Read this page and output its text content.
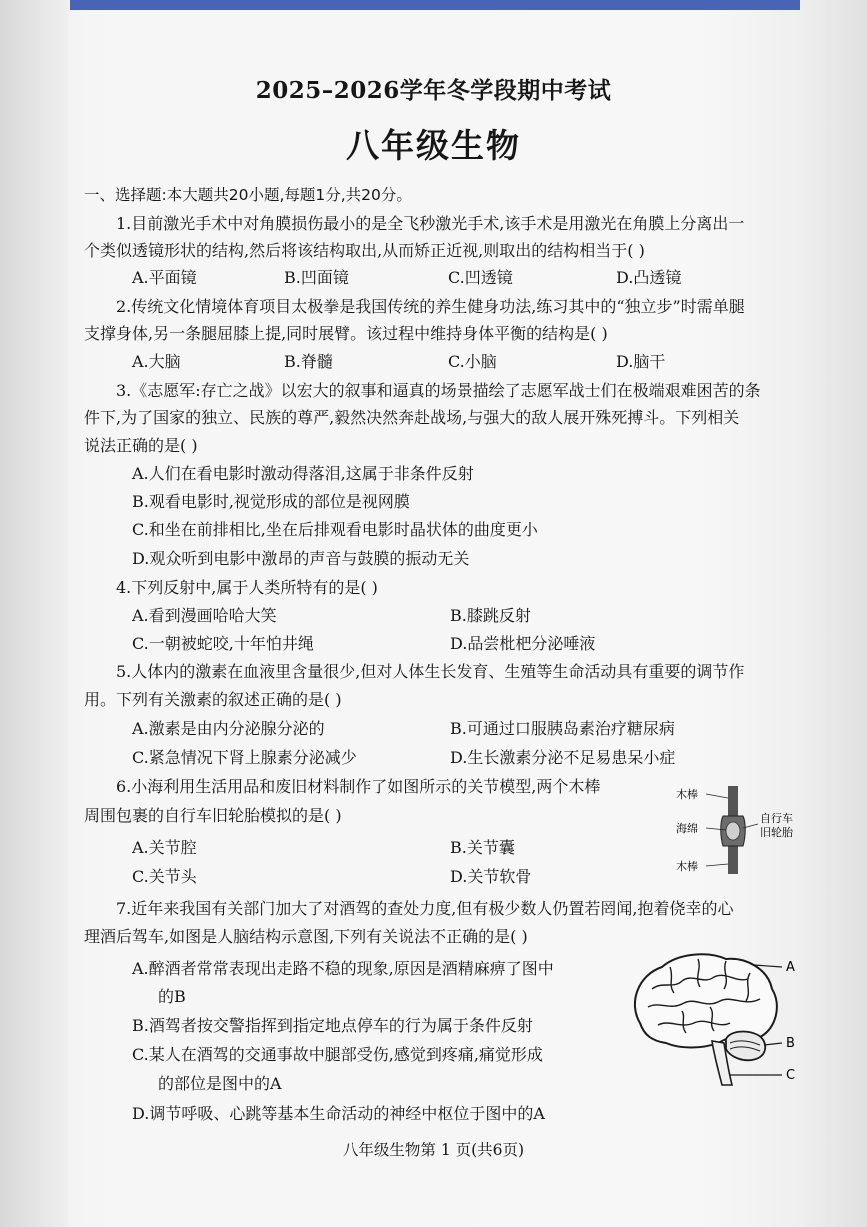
2025–2026学年冬学段期中考试
八年级生物
一、选择题:本大题共20小题,每题1分,共20分。
1.目前激光手术中对角膜损伤最小的是全飞秒激光手术,该手术是用激光在角膜上分离出一
个类似透镜形状的结构,然后将该结构取出,从而矫正近视,则取出的结构相当于( )
A.平面镜	B.凹面镜	C.凹透镜	D.凸透镜
2.传统文化情境体育项目太极拳是我国传统的养生健身功法,练习其中的“独立步”时需单腿
支撑身体,另一条腿屈膝上提,同时展臂。该过程中维持身体平衡的结构是( )
A.大脑	B.脊髓	C.小脑	D.脑干
3.《志愿军:存亡之战》以宏大的叙事和逼真的场景描绘了志愿军战士们在极端艰难困苦的条
件下,为了国家的独立、民族的尊严,毅然决然奔赴战场,与强大的敌人展开殊死搏斗。下列相关
说法正确的是( )
A.人们在看电影时激动得落泪,这属于非条件反射
B.观看电影时,视觉形成的部位是视网膜
C.和坐在前排相比,坐在后排观看电影时晶状体的曲度更小
D.观众听到电影中激昂的声音与鼓膜的振动无关
4.下列反射中,属于人类所特有的是( )
A.看到漫画哈哈大笑	B.膝跳反射
C.一朝被蛇咬,十年怕井绳	D.品尝枇杷分泌唾液
5.人体内的激素在血液里含量很少,但对人体生长发育、生殖等生命活动具有重要的调节作
用。下列有关激素的叙述正确的是( )
A.激素是由内分泌腺分泌的	B.可通过口服胰岛素治疗糖尿病
C.紧急情况下肾上腺素分泌减少	D.生长激素分泌不足易患呆小症
6.小海利用生活用品和废旧材料制作了如图所示的关节模型,两个木棒
周围包裹的自行车旧轮胎模拟的是( )
A.关节腔	B.关节囊
C.关节头	D.关节软骨
木棒
海绵
自行车
旧轮胎
木棒
7.近年来我国有关部门加大了对酒驾的查处力度,但有极少数人仍置若罔闻,抱着侥幸的心
理酒后驾车,如图是人脑结构示意图,下列有关说法不正确的是( )
A.醉酒者常常表现出走路不稳的现象,原因是酒精麻痹了图中
的B
B.酒驾者按交警指挥到指定地点停车的行为属于条件反射
C.某人在酒驾的交通事故中腿部受伤,感觉到疼痛,痛觉形成
的部位是图中的A
D.调节呼吸、心跳等基本生命活动的神经中枢位于图中的A
A
B
C
八年级生物第 1 页(共6页)
